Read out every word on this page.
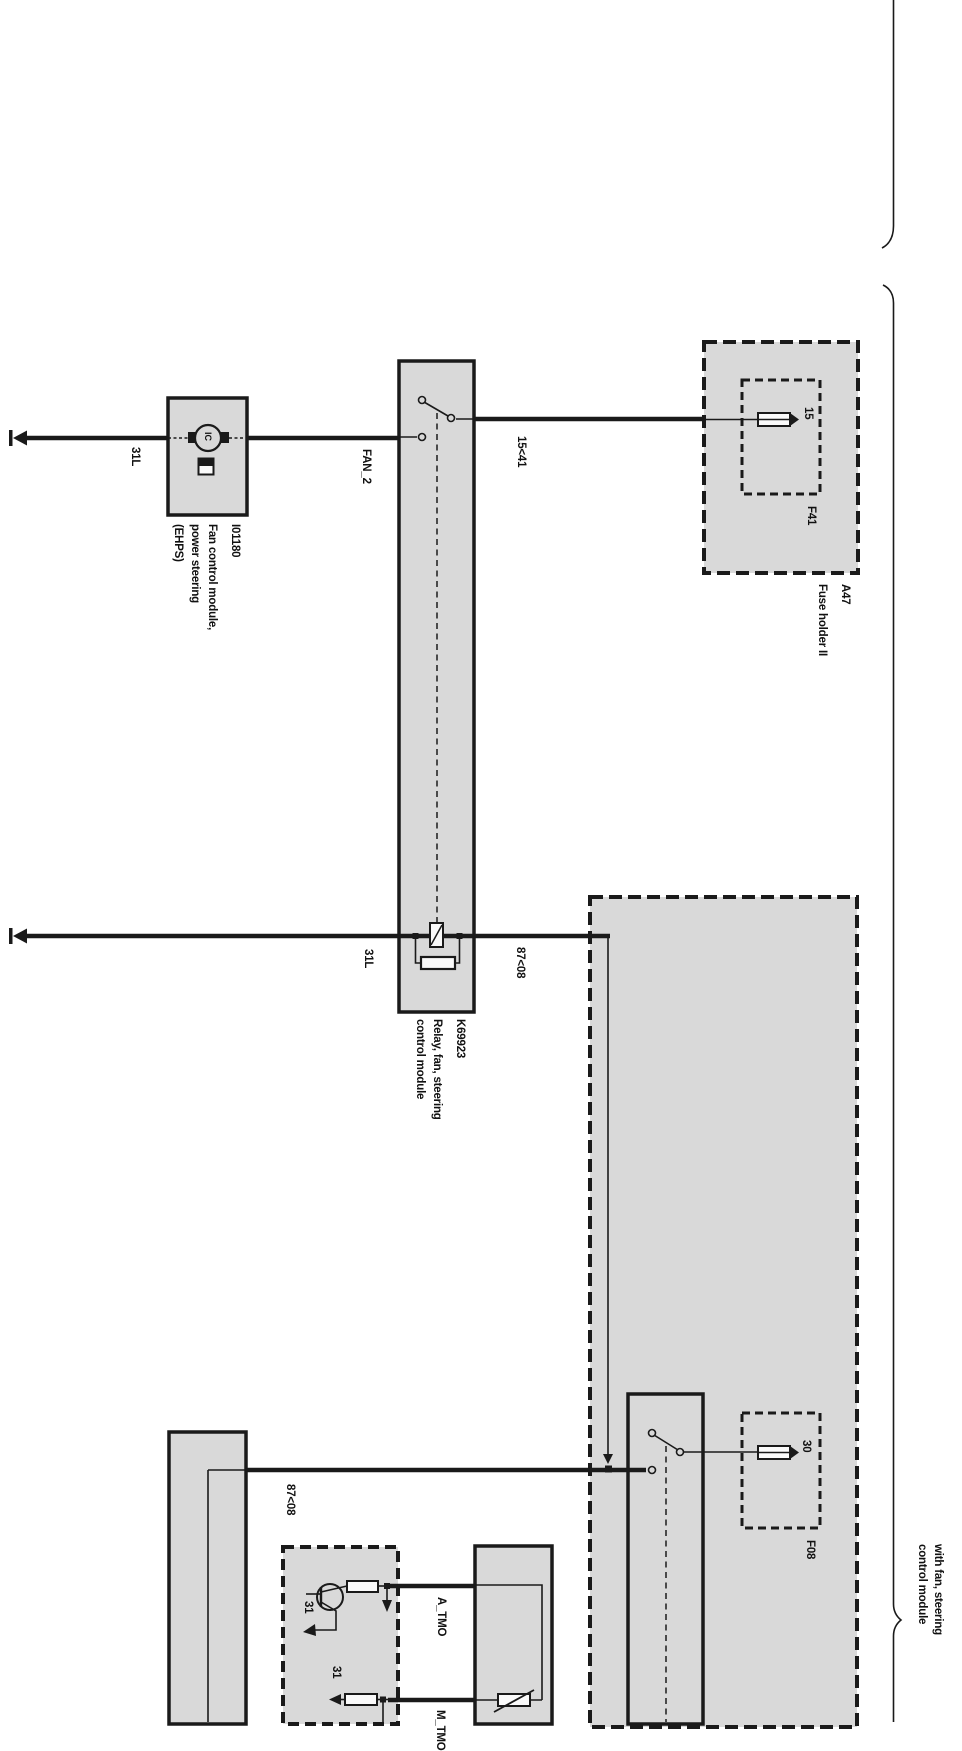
31L
I01180
Fan control module,
power steering
(EHPS)
IC
FAN_2	15<41
15
F41
A47
Fuse holder II
31L	87<08
K69923
Relay, fan, steering
control module
87<08
30
F08
31	A_TMO
31
M_TMO
with fan, steering
control module
